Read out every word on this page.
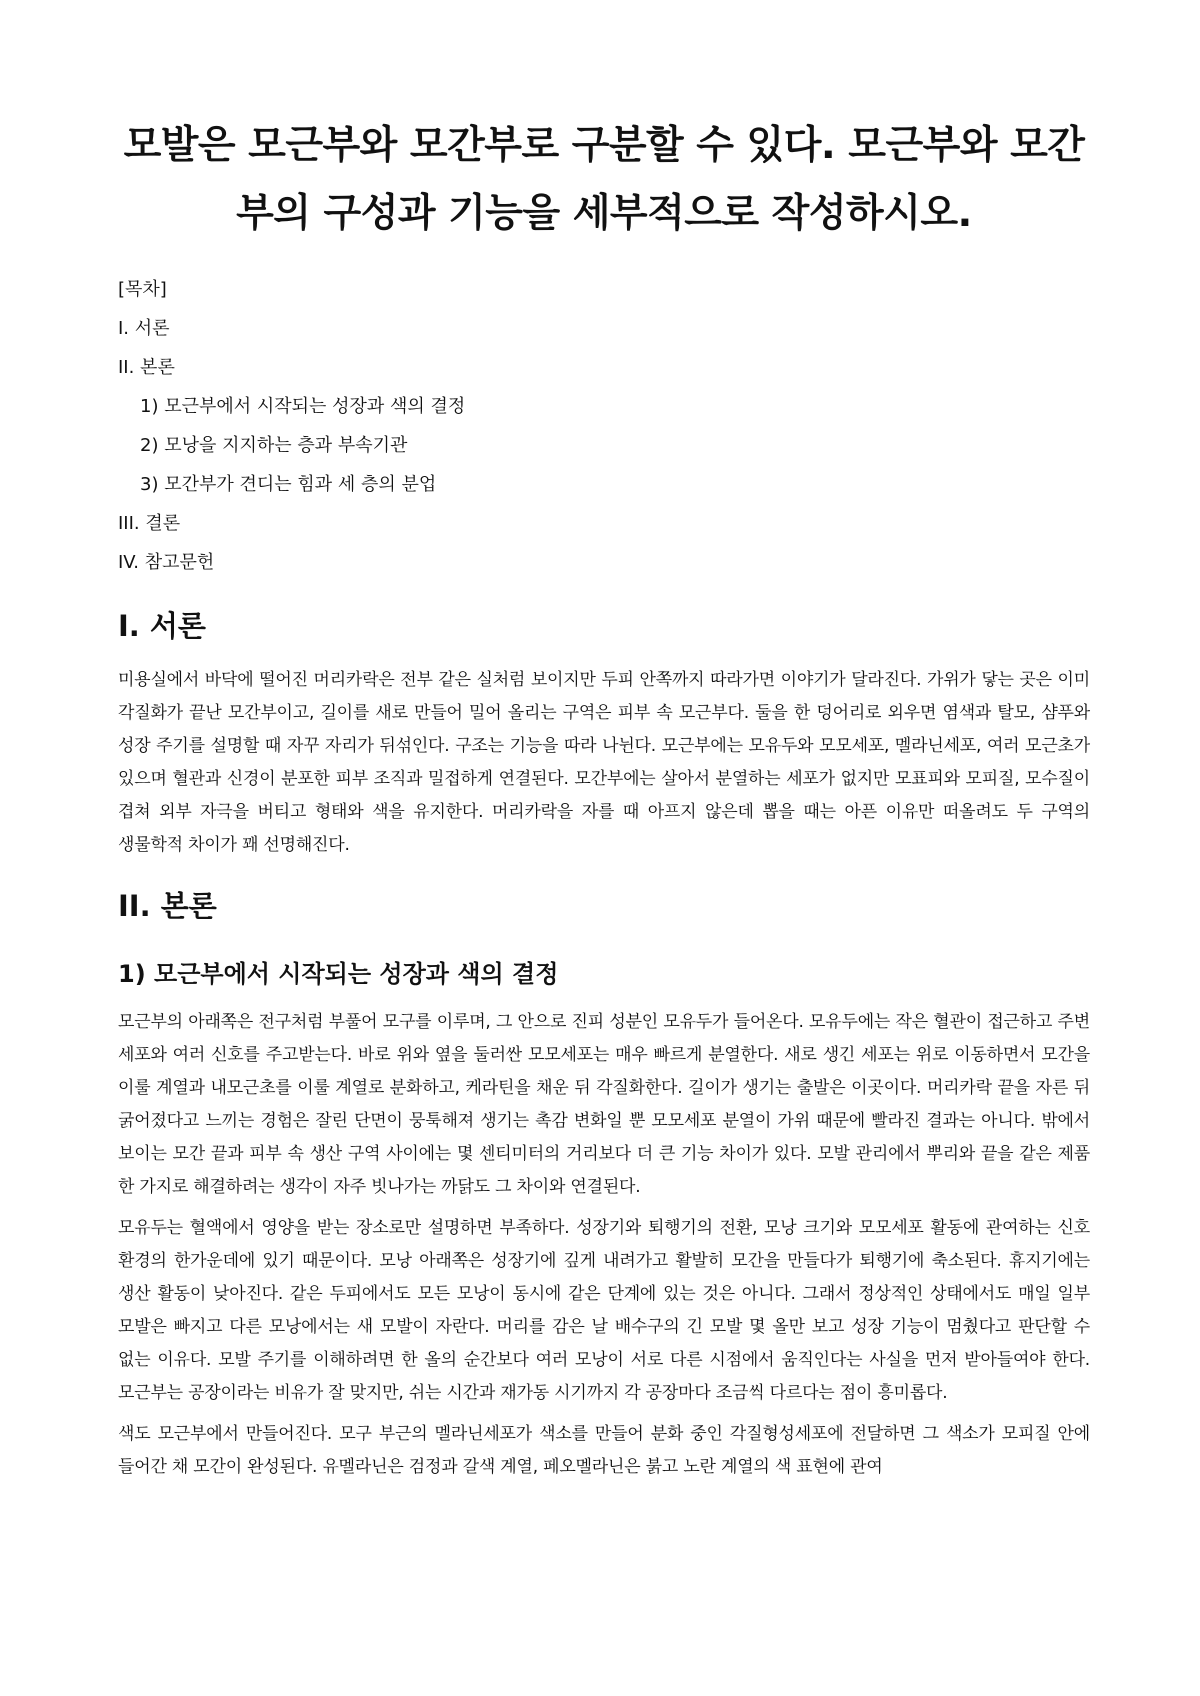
모발은 모근부와 모간부로 구분할 수 있다. 모근부와 모간부의 구성과 기능을 세부적으로 작성하시오.
[목차]
I. 서론
II. 본론
1) 모근부에서 시작되는 성장과 색의 결정
2) 모낭을 지지하는 층과 부속기관
3) 모간부가 견디는 힘과 세 층의 분업
III. 결론
IV. 참고문헌
I. 서론

미용실에서 바닥에 떨어진 머리카락은 전부 같은 실처럼 보이지만 두피 안쪽까지 따라가면 이야기가 달라진다. 가위가 닿는 곳은 이미 각질화가 끝난 모간부이고, 길이를 새로 만들어 밀어 올리는 구역은 피부 속 모근부다. 둘을 한 덩어리로 외우면 염색과 탈모, 샴푸와 성장 주기를 설명할 때 자꾸 자리가 뒤섞인다. 구조는 기능을 따라 나뉜다. 모근부에는 모유두와 모모세포, 멜라닌세포, 여러 모근초가 있으며 혈관과 신경이 분포한 피부 조직과 밀접하게 연결된다. 모간부에는 살아서 분열하는 세포가 없지만 모표피와 모피질, 모수질이 겹쳐 외부 자극을 버티고 형태와 색을 유지한다. 머리카락을 자를 때 아프지 않은데 뽑을 때는 아픈 이유만 떠올려도 두 구역의 생물학적 차이가 꽤 선명해진다.

II. 본론
1) 모근부에서 시작되는 성장과 색의 결정

모근부의 아래쪽은 전구처럼 부풀어 모구를 이루며, 그 안으로 진피 성분인 모유두가 들어온다. 모유두에는 작은 혈관이 접근하고 주변 세포와 여러 신호를 주고받는다. 바로 위와 옆을 둘러싼 모모세포는 매우 빠르게 분열한다. 새로 생긴 세포는 위로 이동하면서 모간을 이룰 계열과 내모근초를 이룰 계열로 분화하고, 케라틴을 채운 뒤 각질화한다. 길이가 생기는 출발은 이곳이다. 머리카락 끝을 자른 뒤 굵어졌다고 느끼는 경험은 잘린 단면이 뭉툭해져 생기는 촉감 변화일 뿐 모모세포 분열이 가위 때문에 빨라진 결과는 아니다. 밖에서 보이는 모간 끝과 피부 속 생산 구역 사이에는 몇 센티미터의 거리보다 더 큰 기능 차이가 있다. 모발 관리에서 뿌리와 끝을 같은 제품 한 가지로 해결하려는 생각이 자주 빗나가는 까닭도 그 차이와 연결된다.

모유두는 혈액에서 영양을 받는 장소로만 설명하면 부족하다. 성장기와 퇴행기의 전환, 모낭 크기와 모모세포 활동에 관여하는 신호 환경의 한가운데에 있기 때문이다. 모낭 아래쪽은 성장기에 깊게 내려가고 활발히 모간을 만들다가 퇴행기에 축소된다. 휴지기에는 생산 활동이 낮아진다. 같은 두피에서도 모든 모낭이 동시에 같은 단계에 있는 것은 아니다. 그래서 정상적인 상태에서도 매일 일부 모발은 빠지고 다른 모낭에서는 새 모발이 자란다. 머리를 감은 날 배수구의 긴 모발 몇 올만 보고 성장 기능이 멈췄다고 판단할 수 없는 이유다. 모발 주기를 이해하려면 한 올의 순간보다 여러 모낭이 서로 다른 시점에서 움직인다는 사실을 먼저 받아들여야 한다. 모근부는 공장이라는 비유가 잘 맞지만, 쉬는 시간과 재가동 시기까지 각 공장마다 조금씩 다르다는 점이 흥미롭다.

색도 모근부에서 만들어진다. 모구 부근의 멜라닌세포가 색소를 만들어 분화 중인 각질형성세포에 전달하면 그 색소가 모피질 안에 들어간 채 모간이 완성된다. 유멜라닌은 검정과 갈색 계열, 페오멜라닌은 붉고 노란 계열의 색 표현에 관여
